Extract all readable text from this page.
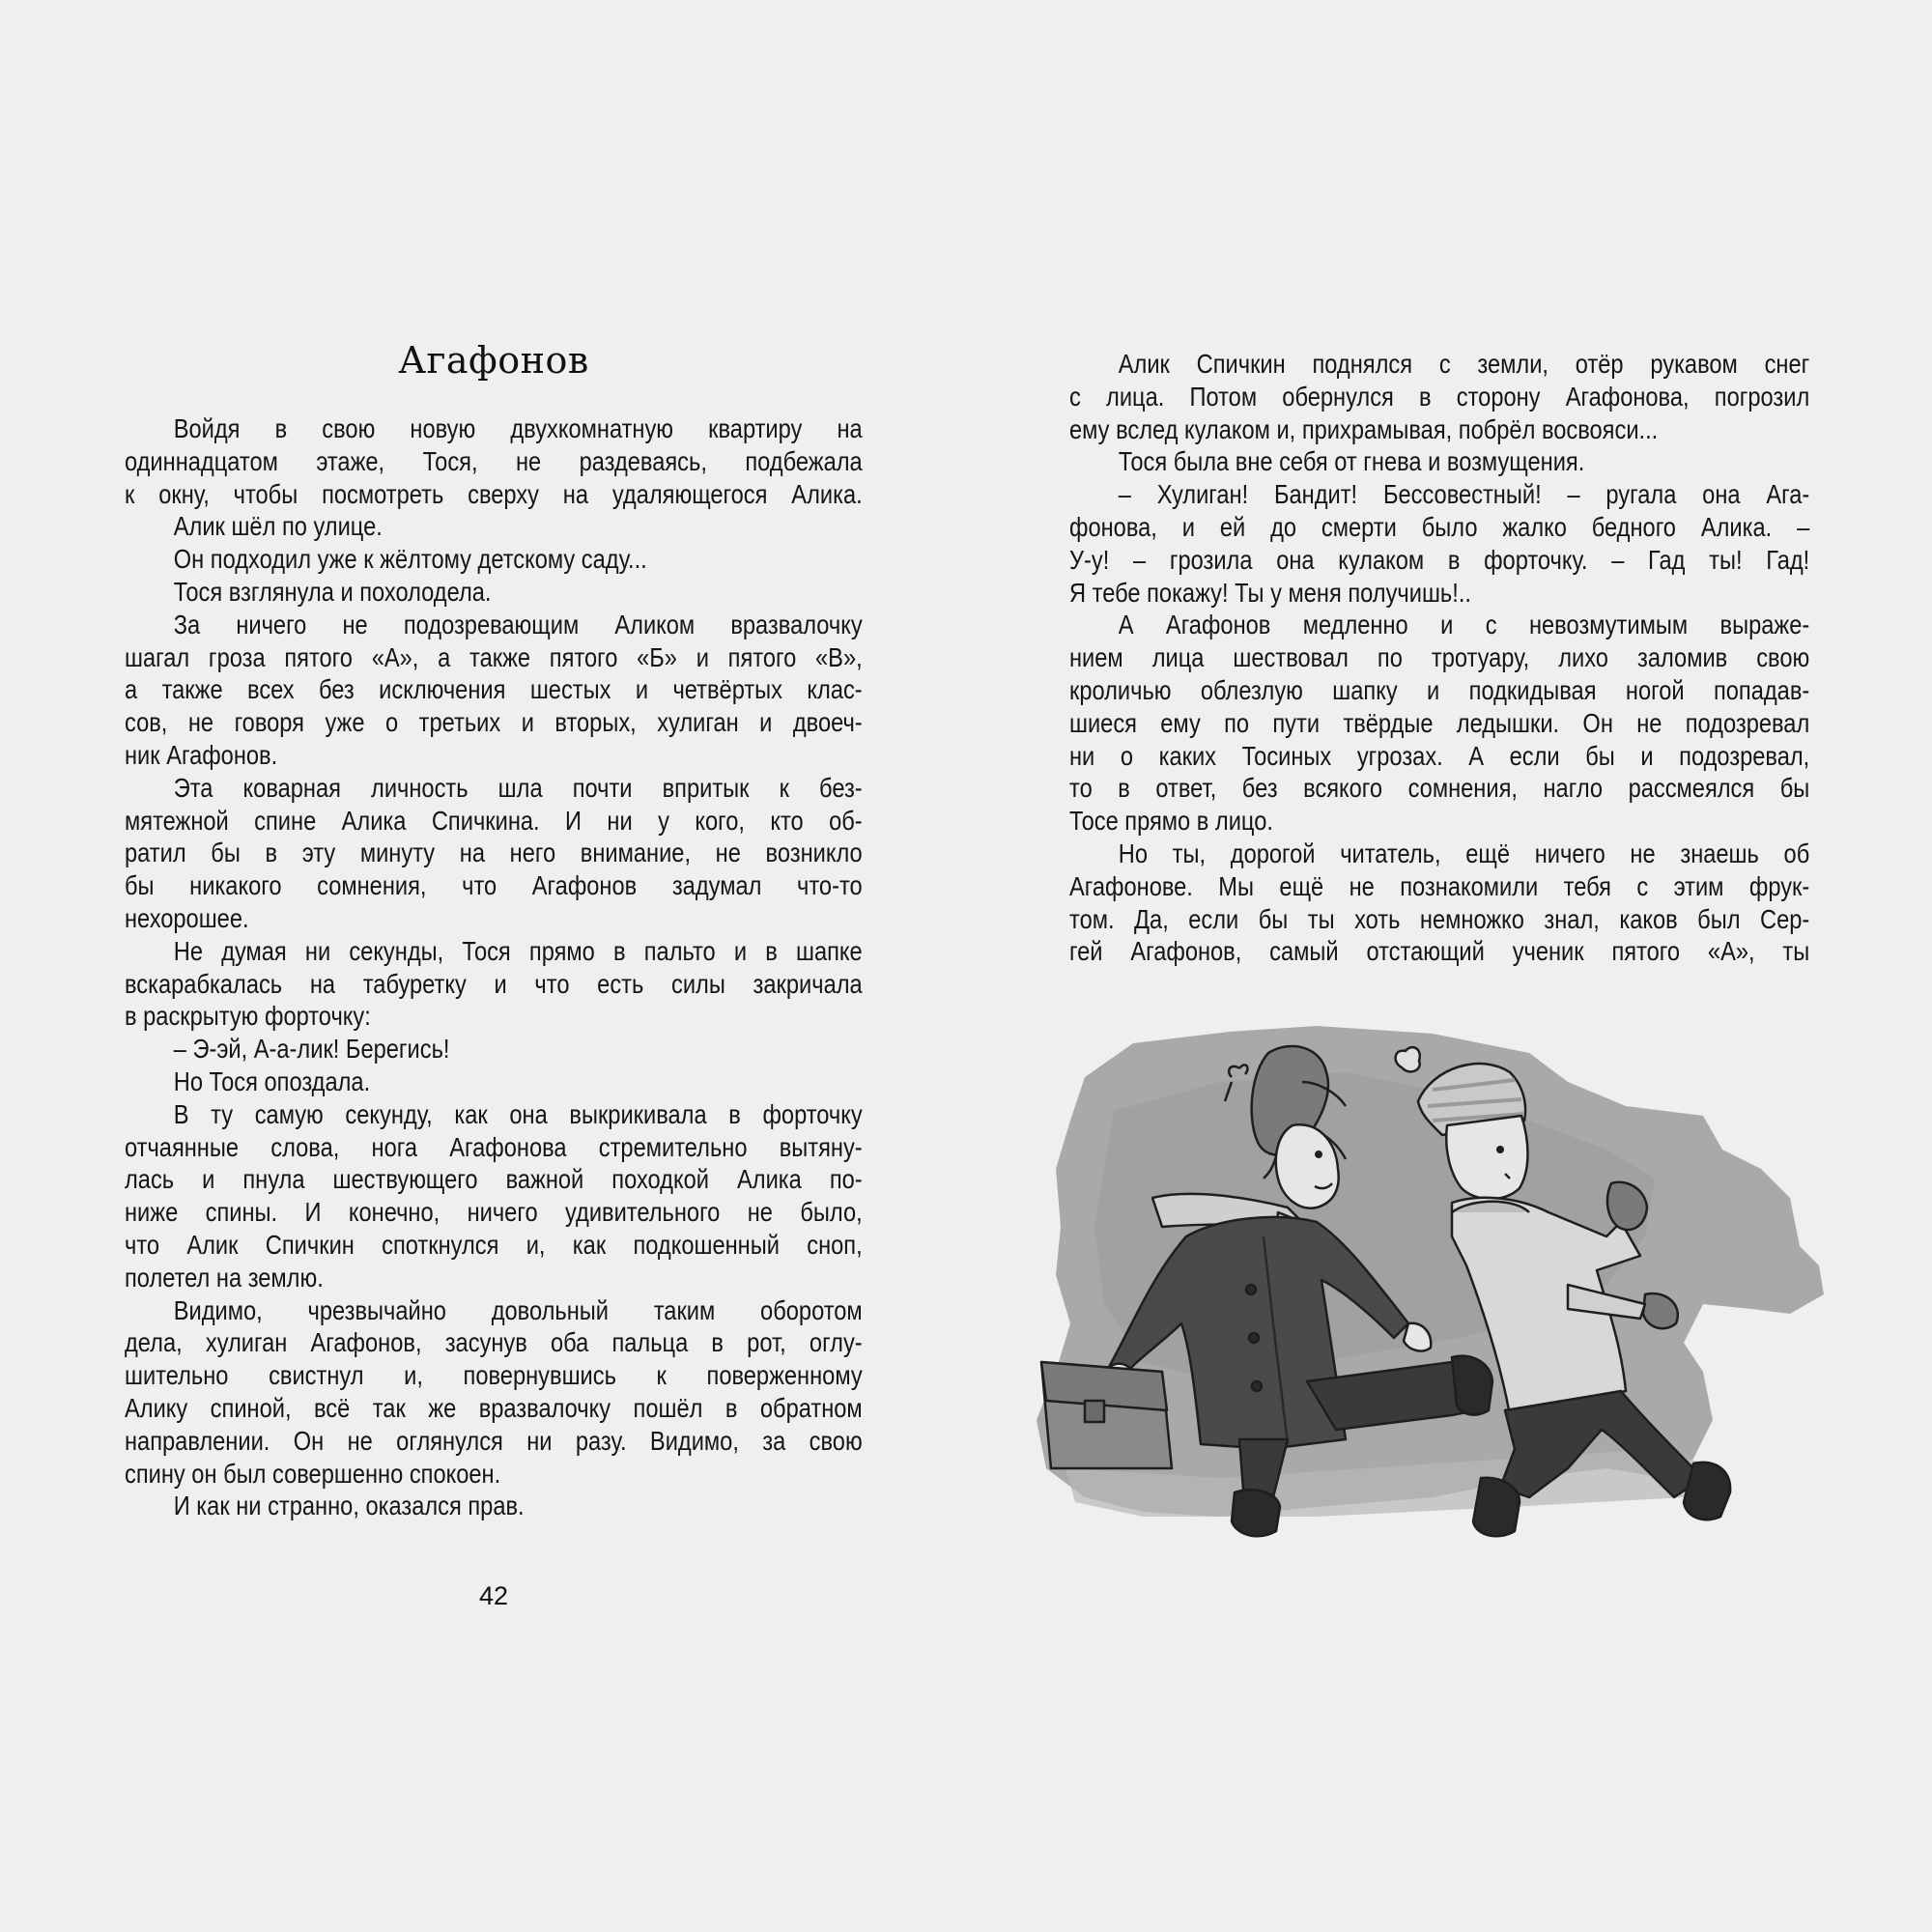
Агафонов
Войдя в свою новую двухкомнатную квартиру на
одиннадцатом этаже, Тося, не раздеваясь, подбежала
к окну, чтобы посмотреть сверху на удаляющегося Алика.
Алик шёл по улице.
Он подходил уже к жёлтому детскому саду...
Тося взглянула и похолодела.
За ничего не подозревающим Аликом вразвалочку
шагал гроза пятого «А», а также пятого «Б» и пятого «В»,
а также всех без исключения шестых и четвёртых клас-
сов, не говоря уже о третьих и вторых, хулиган и двоеч-
ник Агафонов.
Эта коварная личность шла почти впритык к без-
мятежной спине Алика Спичкина. И ни у кого, кто об-
ратил бы в эту минуту на него внимание, не возникло
бы никакого сомнения, что Агафонов задумал что-то
нехорошее.
Не думая ни секунды, Тося прямо в пальто и в шапке
вскарабкалась на табуретку и что есть силы закричала
в раскрытую форточку:
– Э-эй, А-а-лик! Берегись!
Но Тося опоздала.
В ту самую секунду, как она выкрикивала в форточку
отчаянные слова, нога Агафонова стремительно вытяну-
лась и пнула шествующего важной походкой Алика по-
ниже спины. И конечно, ничего удивительного не было,
что Алик Спичкин споткнулся и, как подкошенный сноп,
полетел на землю.
Видимо, чрезвычайно довольный таким оборотом
дела, хулиган Агафонов, засунув оба пальца в рот, оглу-
шительно свистнул и, повернувшись к поверженному
Алику спиной, всё так же вразвалочку пошёл в обратном
направлении. Он не оглянулся ни разу. Видимо, за свою
спину он был совершенно спокоен.
И как ни странно, оказался прав.
42
Алик Спичкин поднялся с земли, отёр рукавом снег
с лица. Потом обернулся в сторону Агафонова, погрозил
ему вслед кулаком и, прихрамывая, побрёл восвояси...
Тося была вне себя от гнева и возмущения.
– Хулиган! Бандит! Бессовестный! – ругала она Ага-
фонова, и ей до смерти было жалко бедного Алика. –
У-у! – грозила она кулаком в форточку. – Гад ты! Гад!
Я тебе покажу! Ты у меня получишь!..
А Агафонов медленно и с невозмутимым выраже-
нием лица шествовал по тротуару, лихо заломив свою
кроличью облезлую шапку и подкидывая ногой попадав-
шиеся ему по пути твёрдые ледышки. Он не подозревал
ни о каких Тосиных угрозах. А если бы и подозревал,
то в ответ, без всякого сомнения, нагло рассмеялся бы
Тосе прямо в лицо.
Но ты, дорогой читатель, ещё ничего не знаешь об
Агафонове. Мы ещё не познакомили тебя с этим фрук-
том. Да, если бы ты хоть немножко знал, каков был Сер-
гей Агафонов, самый отстающий ученик пятого «А», ты
